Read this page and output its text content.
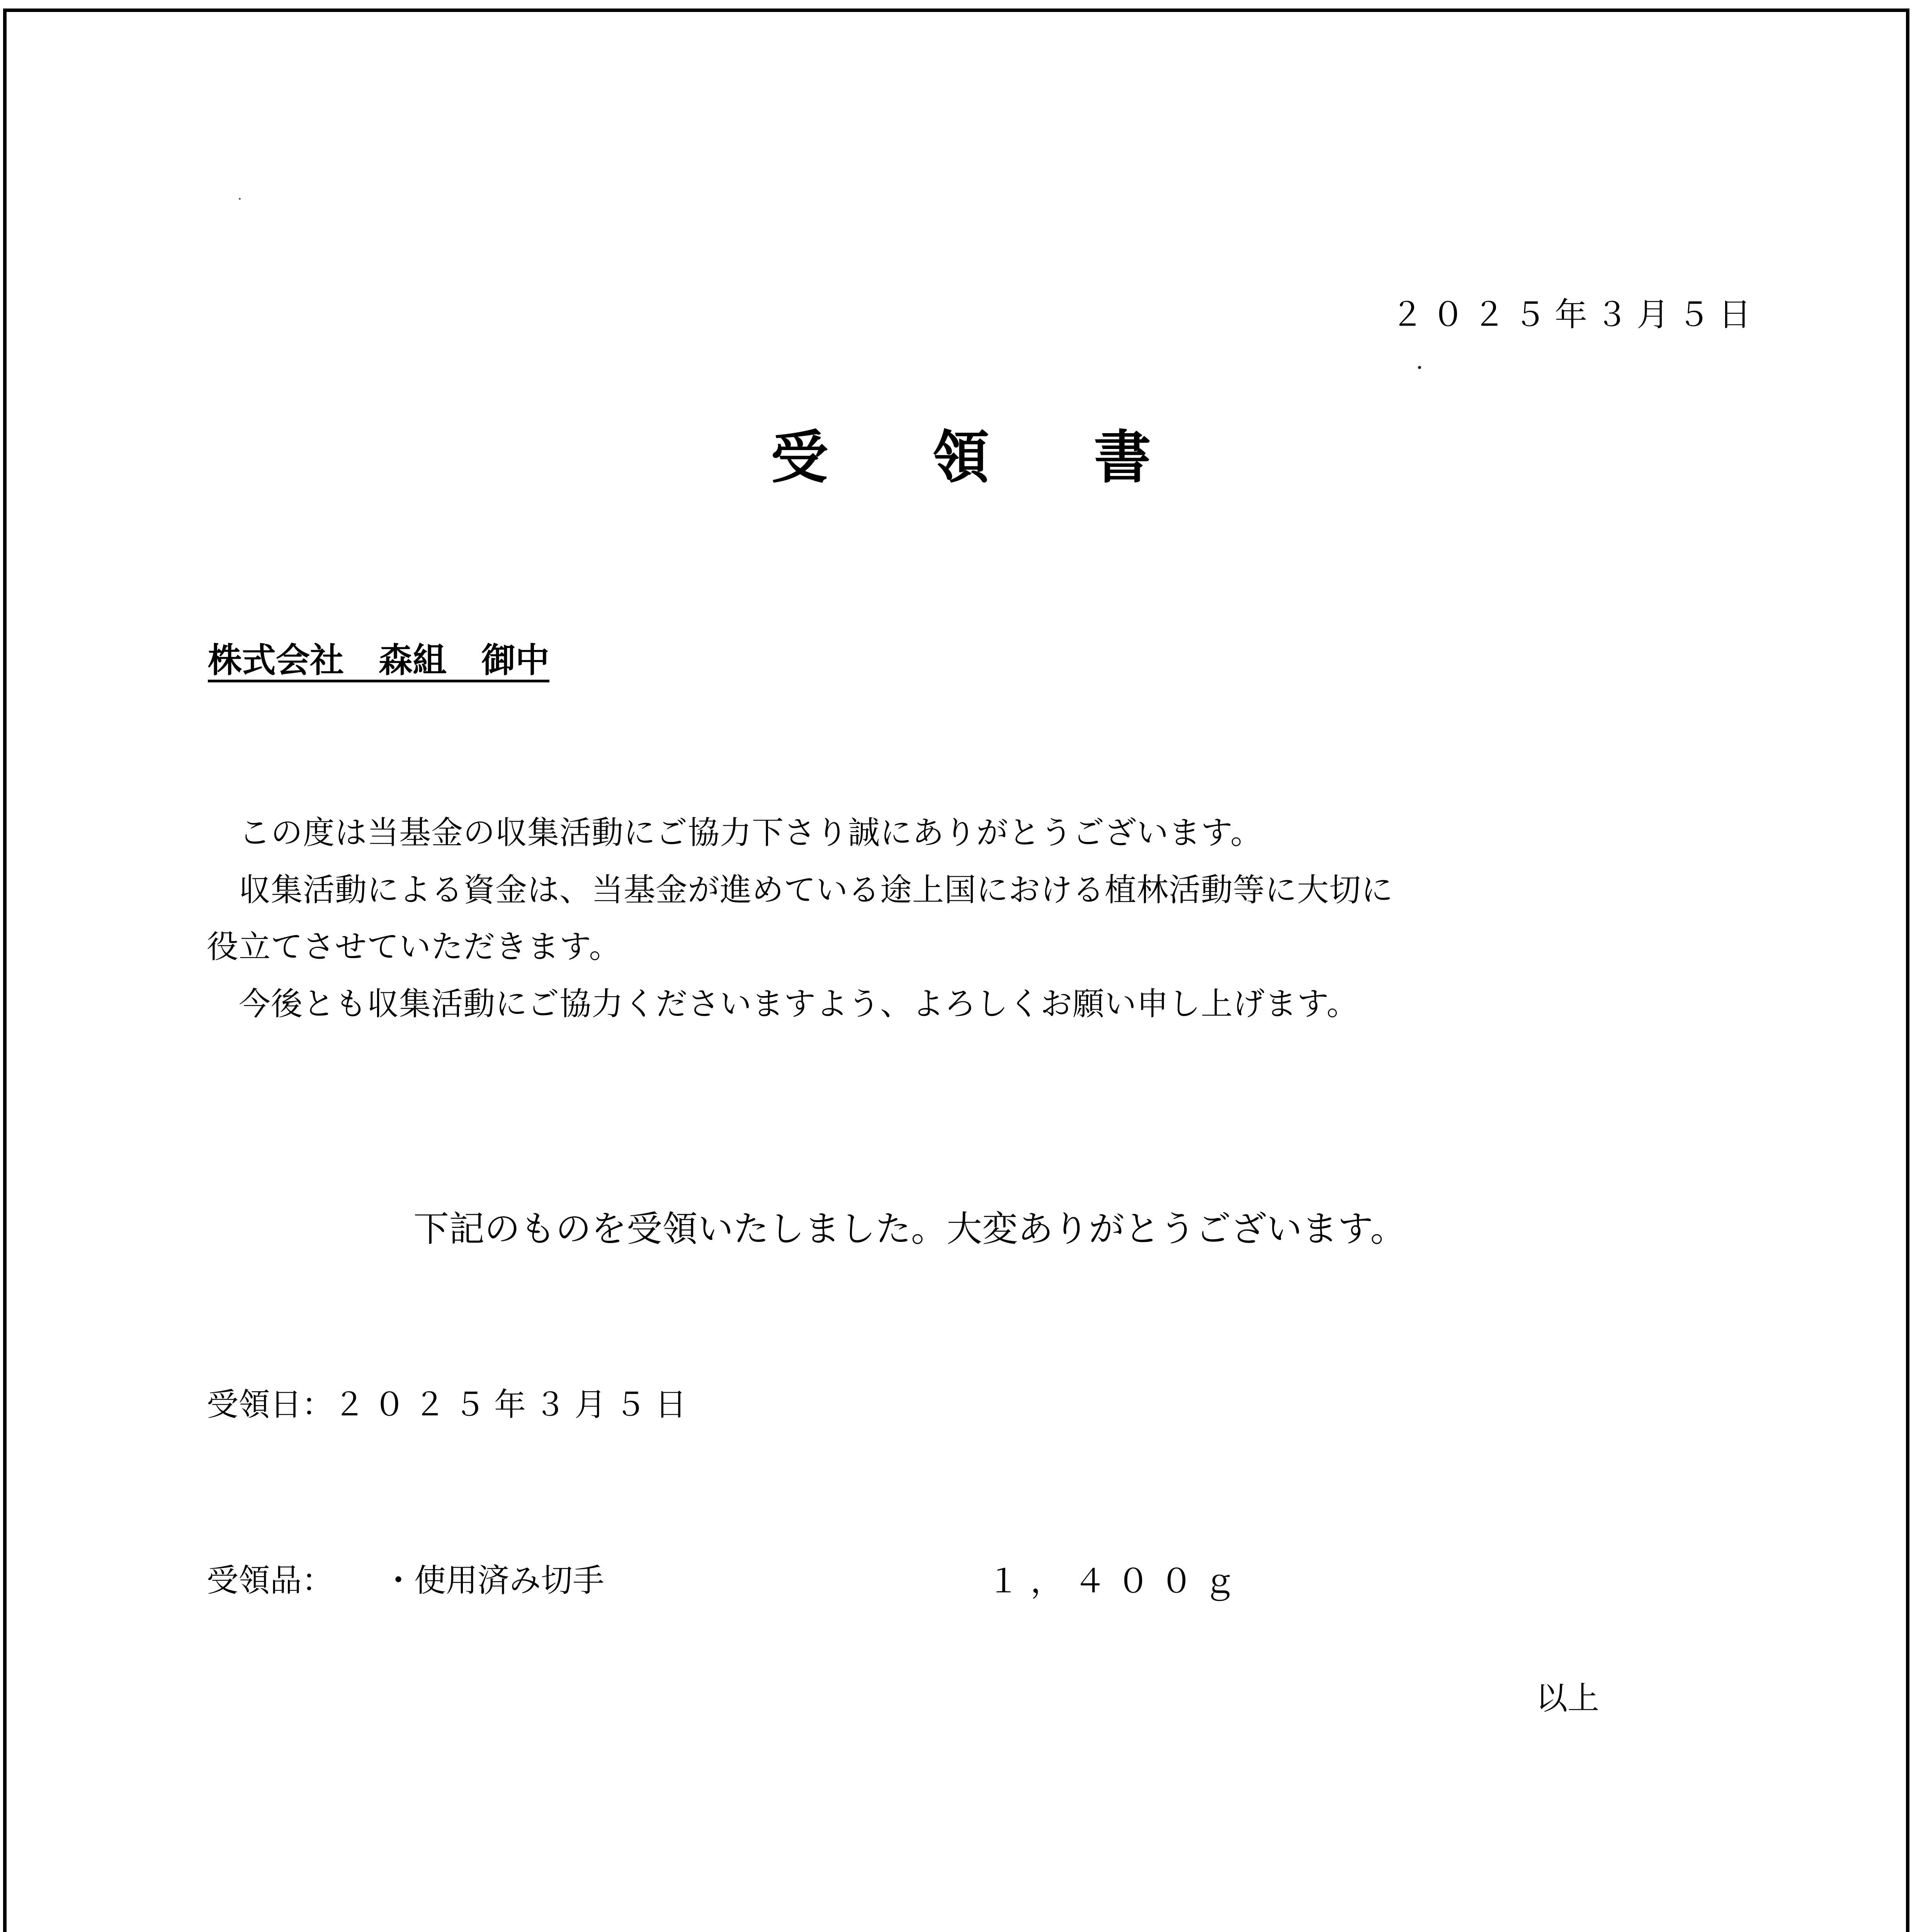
２０２５年３月５日
受領書
株式会社 森組 御中
この度は当基金の収集活動にご協力下さり誠にありがとうございます。
収集活動による資金は、当基金が進めている途上国における植林活動等に大切に
役立てさせていただきます。
今後とも収集活動にご協力くださいますよう、よろしくお願い申し上げます。
下記のものを受領いたしました。大変ありがとうございます。
受領日：２０２５年３月５日
受領品： ・使用済み切手	１，４００ｇ
以上
